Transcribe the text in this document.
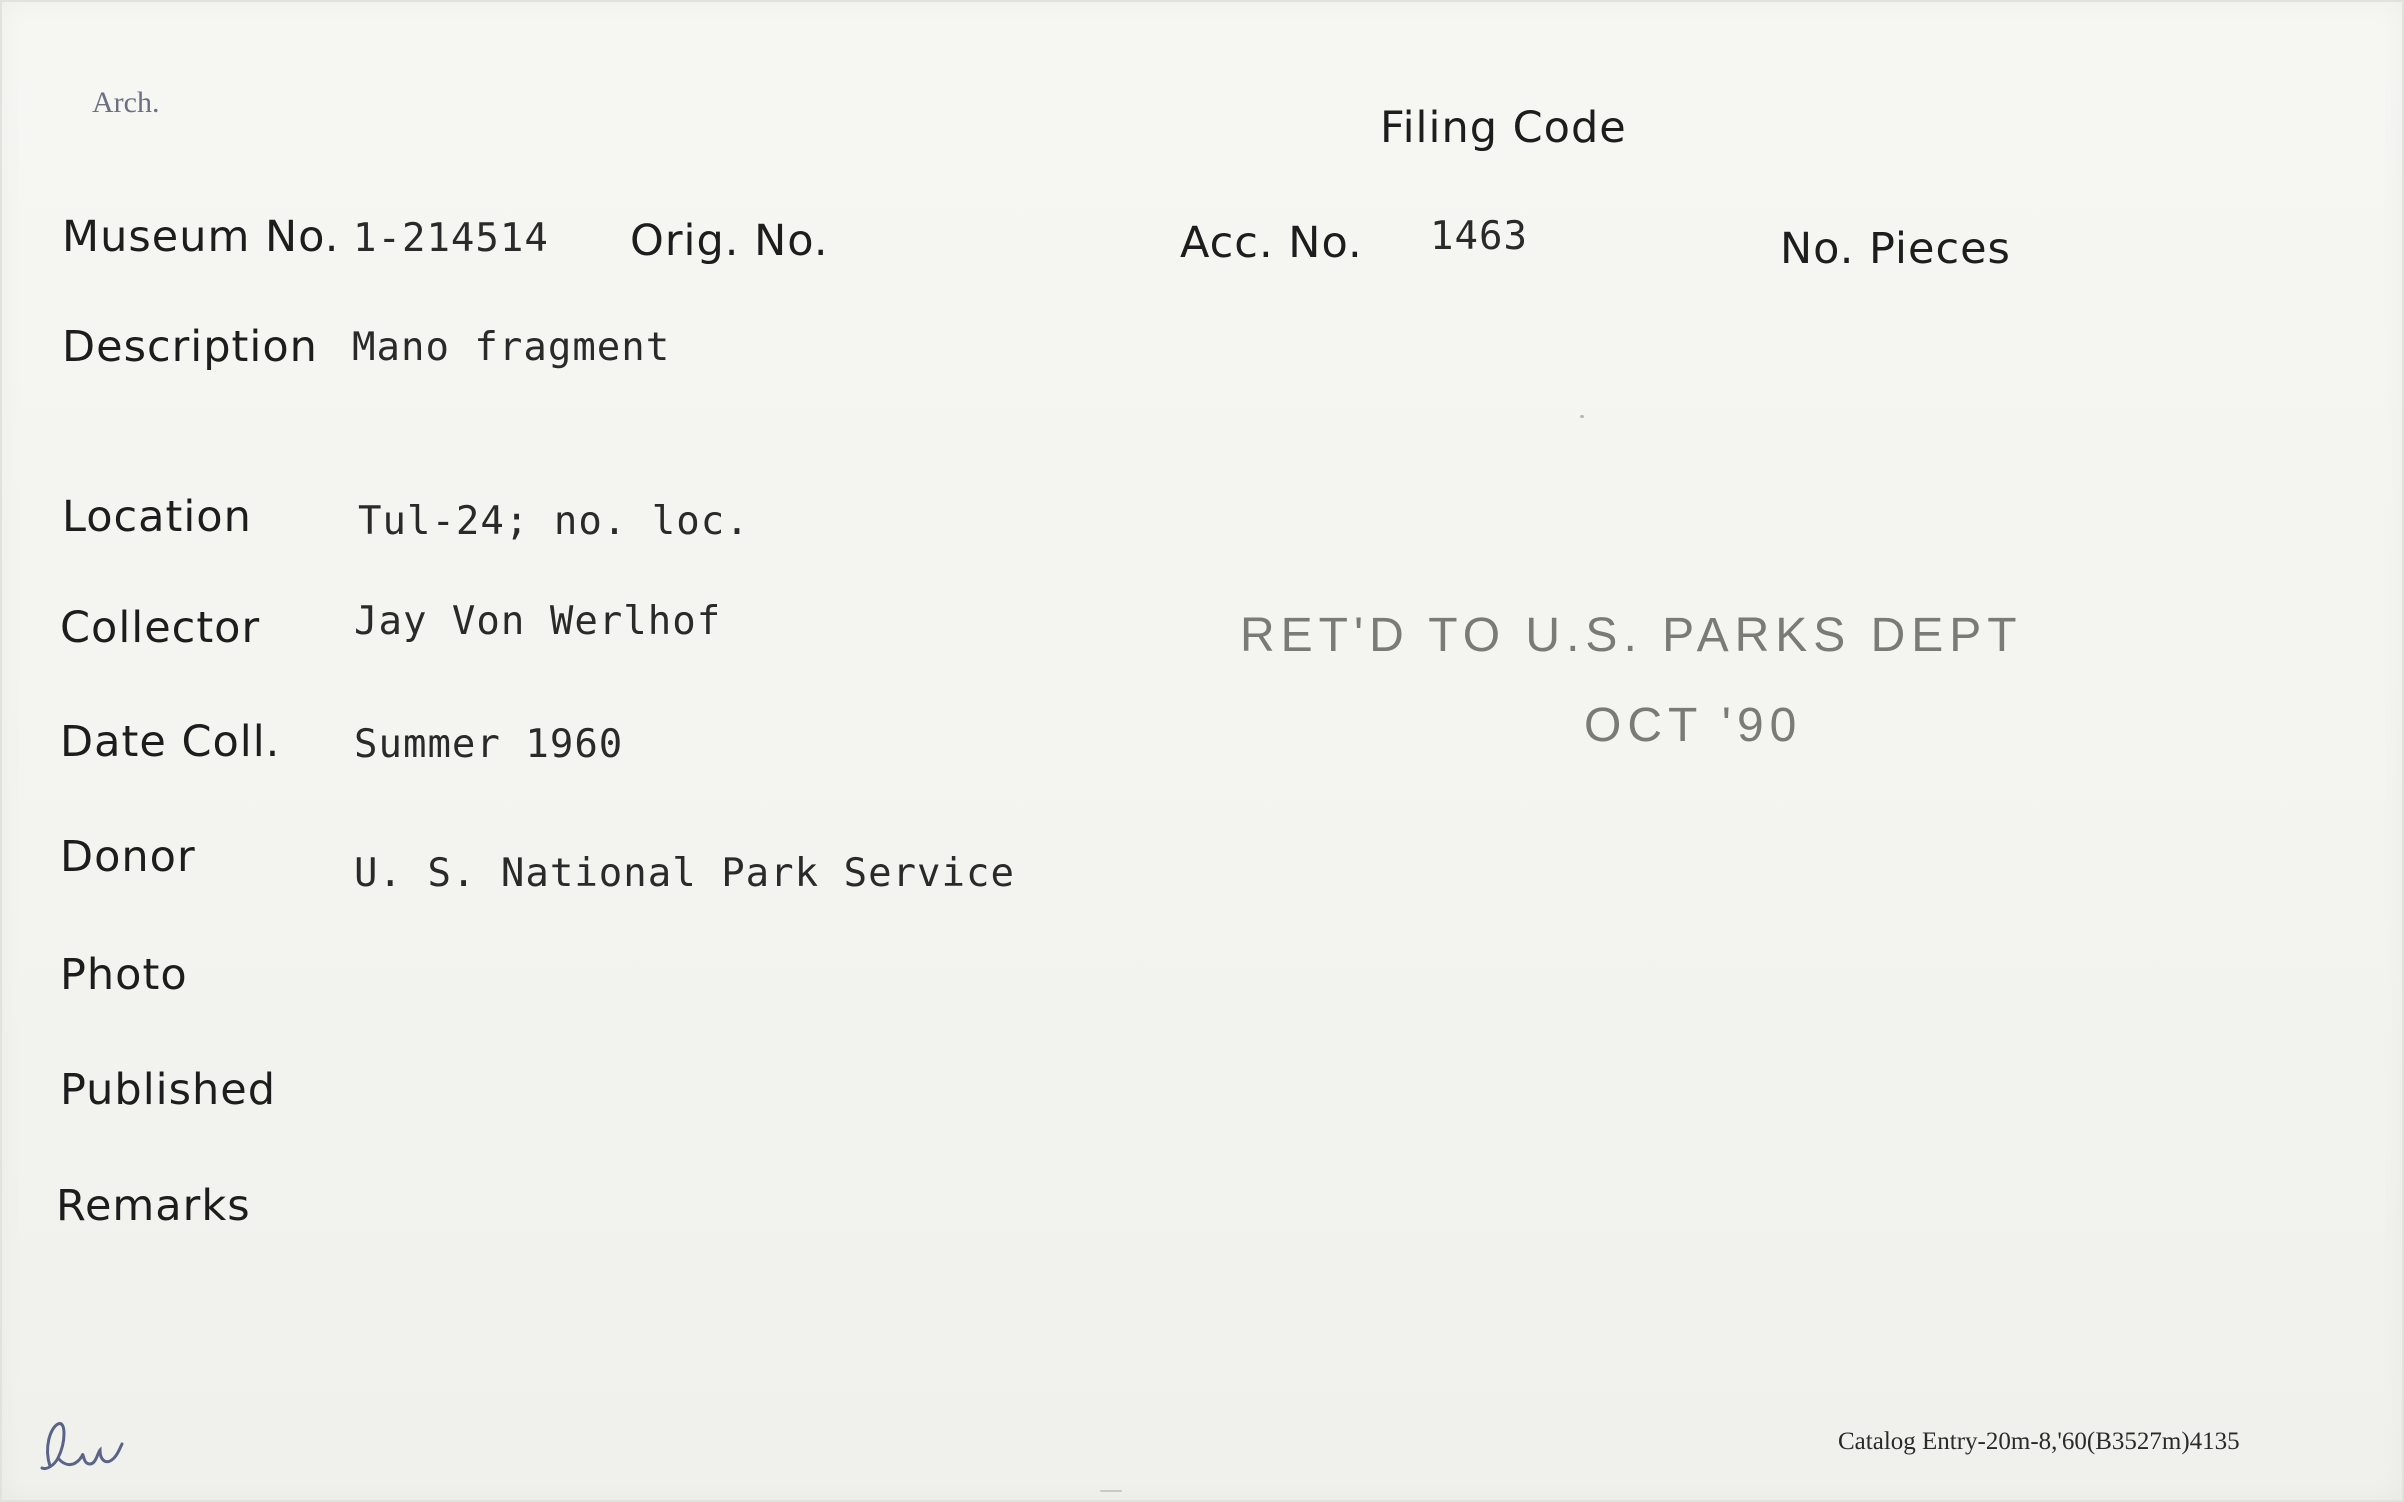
Arch.
Filing Code
Museum No. 1-214514 Orig. No.	Acc. No. 1463	No. Pieces
Description Mano fragment
Location	Tul-24; no. loc.
Collector Jay Von Werlhof
Date Coll. Summer 1960
Donor	U. S. National Park Service
Photo
Published
Remarks
RET'D TO U.S. PARKS DEPT
OCT '90
Catalog Entry-20m-8,'60(B3527m)4135
